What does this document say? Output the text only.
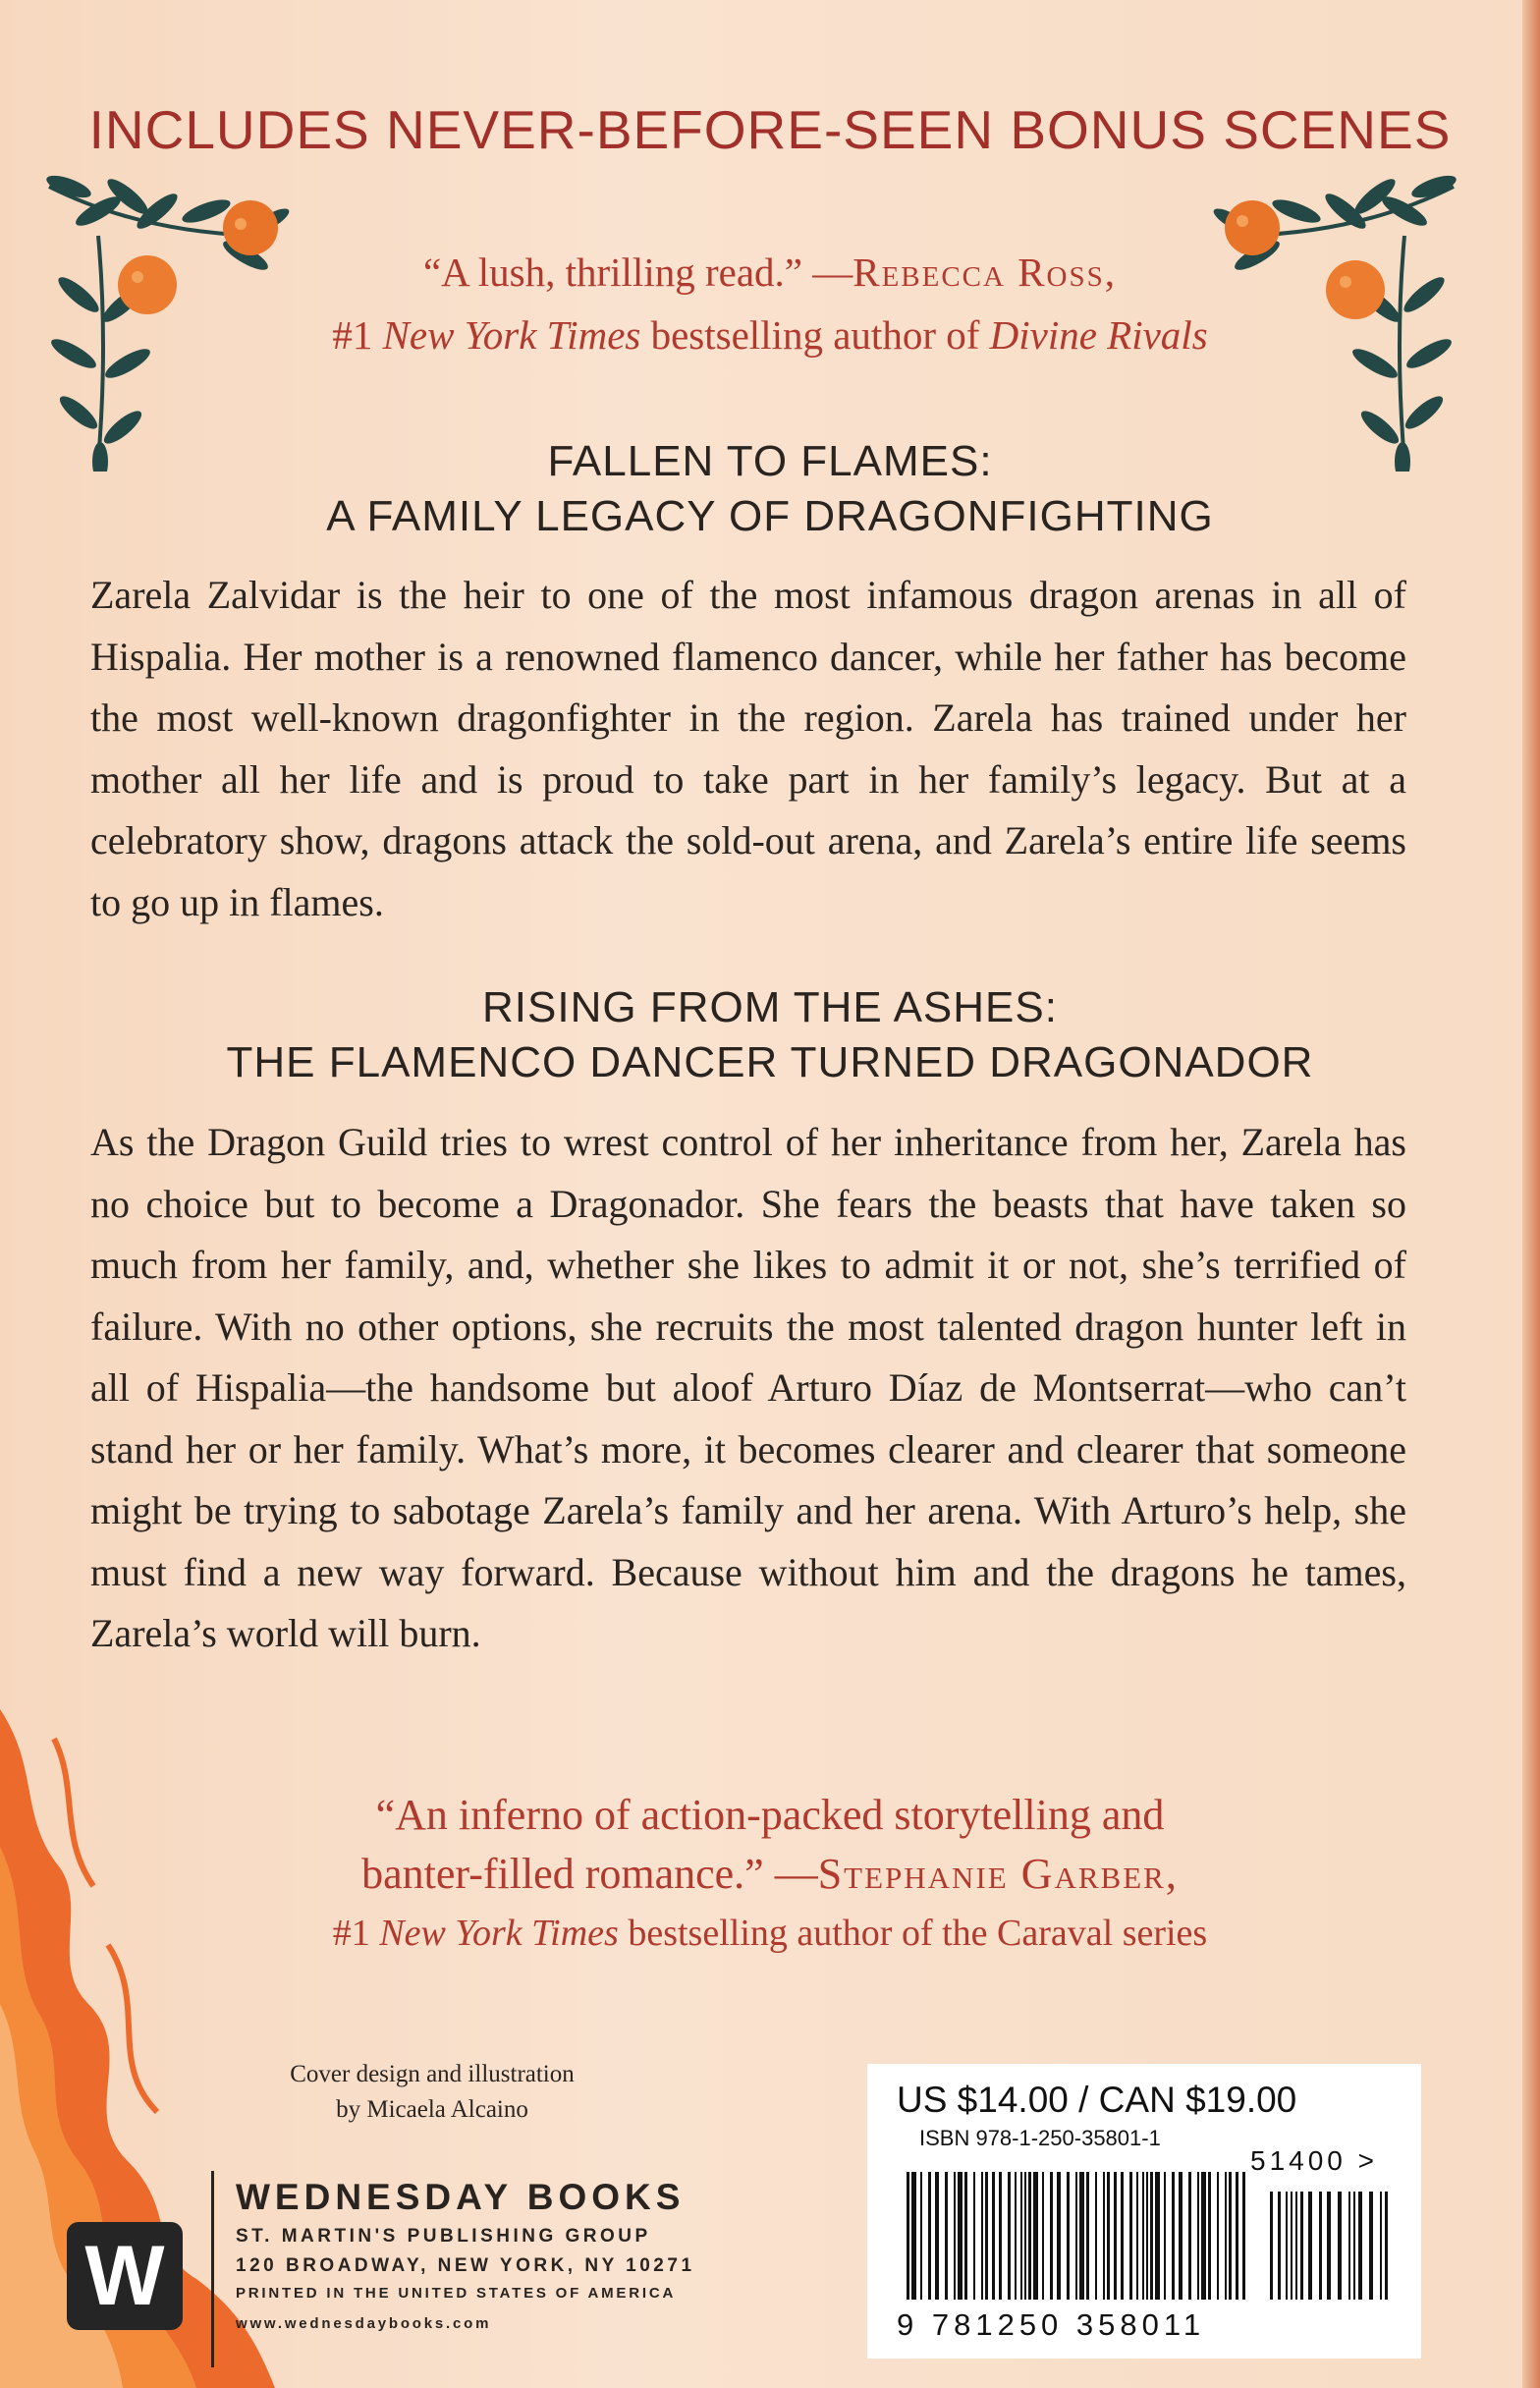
INCLUDES NEVER-BEFORE-SEEN BONUS SCENES
“A lush, thrilling read.” —Rebecca Ross,
#1 New York Times bestselling author of Divine Rivals
FALLEN TO FLAMES:
A FAMILY LEGACY OF DRAGONFIGHTING
Zarela Zalvidar is the heir to one of the most infamous dragon arenas in all of Hispalia. Her mother is a renowned flamenco dancer, while her father has become the most well-known dragonfighter in the region. Zarela has trained under her mother all her life and is proud to take part in her family’s legacy. But at a celebratory show, dragons attack the sold-out arena, and Zarela’s entire life seems to go up in flames.
RISING FROM THE ASHES:
THE FLAMENCO DANCER TURNED DRAGONADOR
As the Dragon Guild tries to wrest control of her inheritance from her, Zarela has no choice but to become a Dragonador. She fears the beasts that have taken so much from her family, and, whether she likes to admit it or not, she’s terrified of failure. With no other options, she recruits the most talented dragon hunter left in all of Hispalia—the handsome but aloof Arturo Díaz de Montserrat—who can’t stand her or her family. What’s more, it becomes clearer and clearer that someone might be trying to sabotage Zarela’s family and her arena. With Arturo’s help, she must find a new way forward. Because without him and the dragons he tames, Zarela’s world will burn.
“An inferno of action-packed storytelling and
banter-filled romance.” —Stephanie Garber,
#1 New York Times bestselling author of the Caraval series
Cover design and illustration
by Micaela Alcaino
W
WEDNESDAY BOOKS
ST. MARTIN'S PUBLISHING GROUP
120 BROADWAY, NEW YORK, NY 10271
PRINTED IN THE UNITED STATES OF AMERICA
www.wednesdaybooks.com
US $14.00 / CAN $19.00
ISBN 978-1-250-35801-1
51400 >
9 781250 358011
